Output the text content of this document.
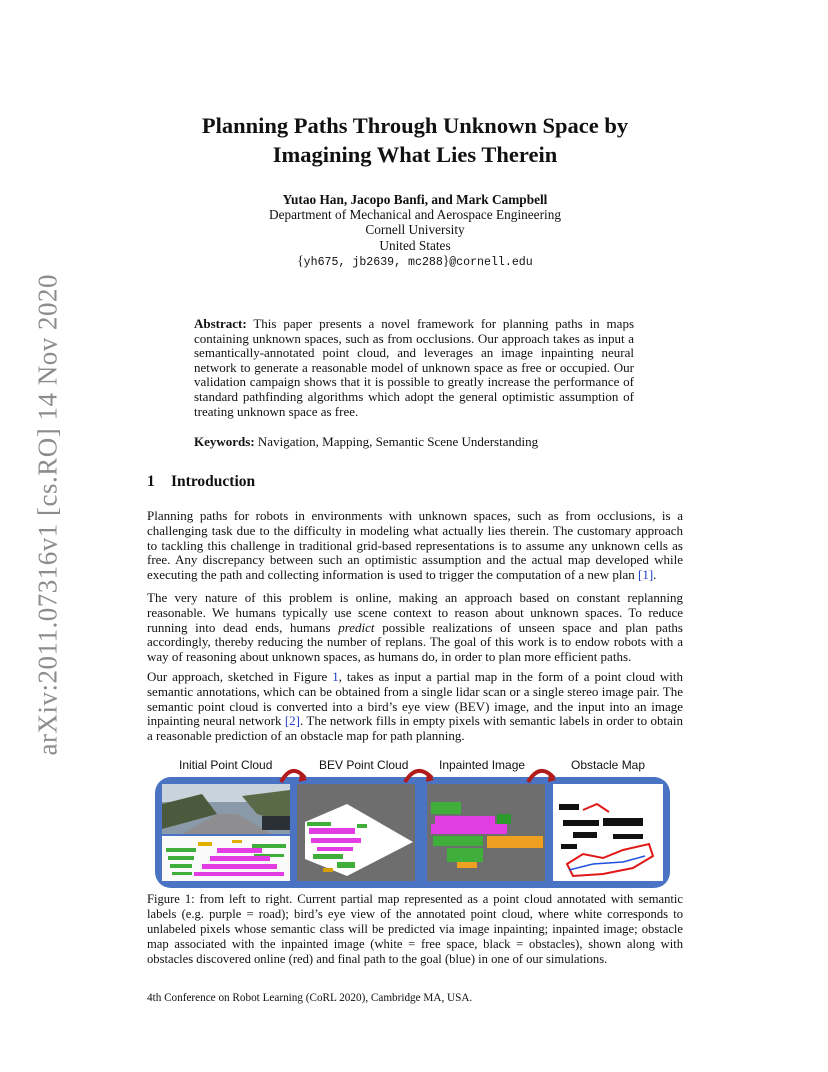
arXiv:2011.07316v1 [cs.RO] 14 Nov 2020
Planning Paths Through Unknown Space by
Imagining What Lies Therein
Yutao Han, Jacopo Banfi, and Mark Campbell
Department of Mechanical and Aerospace Engineering
Cornell University
United States
{yh675, jb2639, mc288}@cornell.edu
Abstract: This paper presents a novel framework for planning paths in maps containing unknown spaces, such as from occlusions. Our approach takes as input a semantically-annotated point cloud, and leverages an image inpainting neural network to generate a reasonable model of unknown space as free or occupied. Our validation campaign shows that it is possible to greatly increase the performance of standard pathfinding algorithms which adopt the general optimistic assumption of treating unknown space as free.
Keywords: Navigation, Mapping, Semantic Scene Understanding
1 Introduction
Planning paths for robots in environments with unknown spaces, such as from occlusions, is a challenging task due to the difficulty in modeling what actually lies therein. The customary approach to tackling this challenge in traditional grid-based representations is to assume any unknown cells as free. Any discrepancy between such an optimistic assumption and the actual map developed while executing the path and collecting information is used to trigger the computation of a new plan [1].
The very nature of this problem is online, making an approach based on constant replanning reasonable. We humans typically use scene context to reason about unknown spaces. To reduce running into dead ends, humans predict possible realizations of unseen space and plan paths accordingly, thereby reducing the number of replans. The goal of this work is to endow robots with a way of reasoning about unknown spaces, as humans do, in order to plan more efficient paths.
Our approach, sketched in Figure 1, takes as input a partial map in the form of a point cloud with semantic annotations, which can be obtained from a single lidar scan or a single stereo image pair. The semantic point cloud is converted into a bird’s eye view (BEV) image, and the input into an image inpainting neural network [2]. The network fills in empty pixels with semantic labels in order to obtain a reasonable prediction of an obstacle map for path planning.
Initial Point Cloud	BEV Point Cloud	Inpainted Image	Obstacle Map
Figure 1: from left to right. Current partial map represented as a point cloud annotated with semantic labels (e.g. purple = road); bird’s eye view of the annotated point cloud, where white corresponds to unlabeled pixels whose semantic class will be predicted via image inpainting; inpainted image; obstacle map associated with the inpainted image (white = free space, black = obstacles), shown along with obstacles discovered online (red) and final path to the goal (blue) in one of our simulations.
4th Conference on Robot Learning (CoRL 2020), Cambridge MA, USA.
